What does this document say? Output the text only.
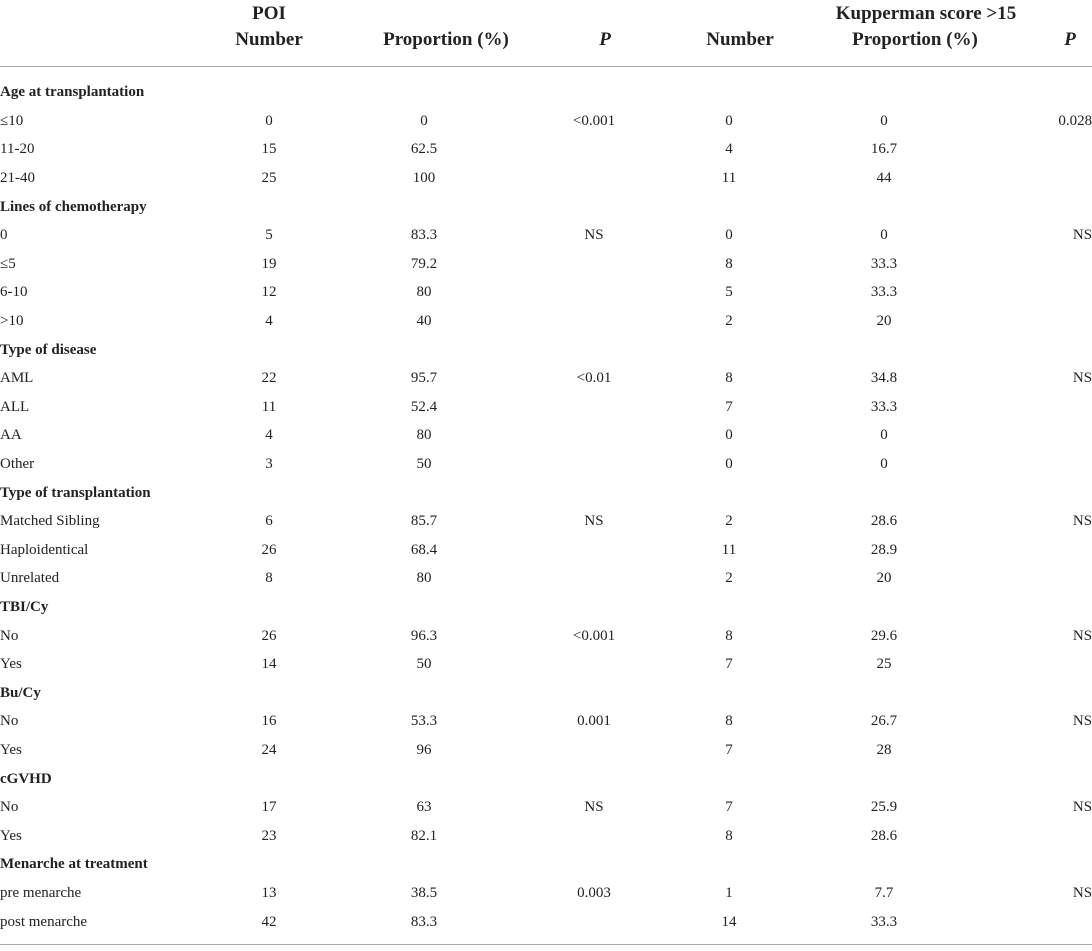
POI	Kupperman score >15
Number	Proportion (%)	P	Number	Proportion (%)	P
Age at transplantation						
≤10	0	0	<0.001	0	0	0.028
11-20	15	62.5		4	16.7	
21-40	25	100		11	44	
Lines of chemotherapy						
0	5	83.3	NS	0	0	NS
≤5	19	79.2		8	33.3	
6-10	12	80		5	33.3	
>10	4	40		2	20	
Type of disease						
AML	22	95.7	<0.01	8	34.8	NS
ALL	11	52.4		7	33.3	
AA	4	80		0	0	
Other	3	50		0	0	
Type of transplantation						
Matched Sibling	6	85.7	NS	2	28.6	NS
Haploidentical	26	68.4		11	28.9	
Unrelated	8	80		2	20	
TBI/Cy						
No	26	96.3	<0.001	8	29.6	NS
Yes	14	50		7	25	
Bu/Cy						
No	16	53.3	0.001	8	26.7	NS
Yes	24	96		7	28	
cGVHD						
No	17	63	NS	7	25.9	NS
Yes	23	82.1		8	28.6	
Menarche at treatment						
pre menarche	13	38.5	0.003	1	7.7	NS
post menarche	42	83.3		14	33.3	
